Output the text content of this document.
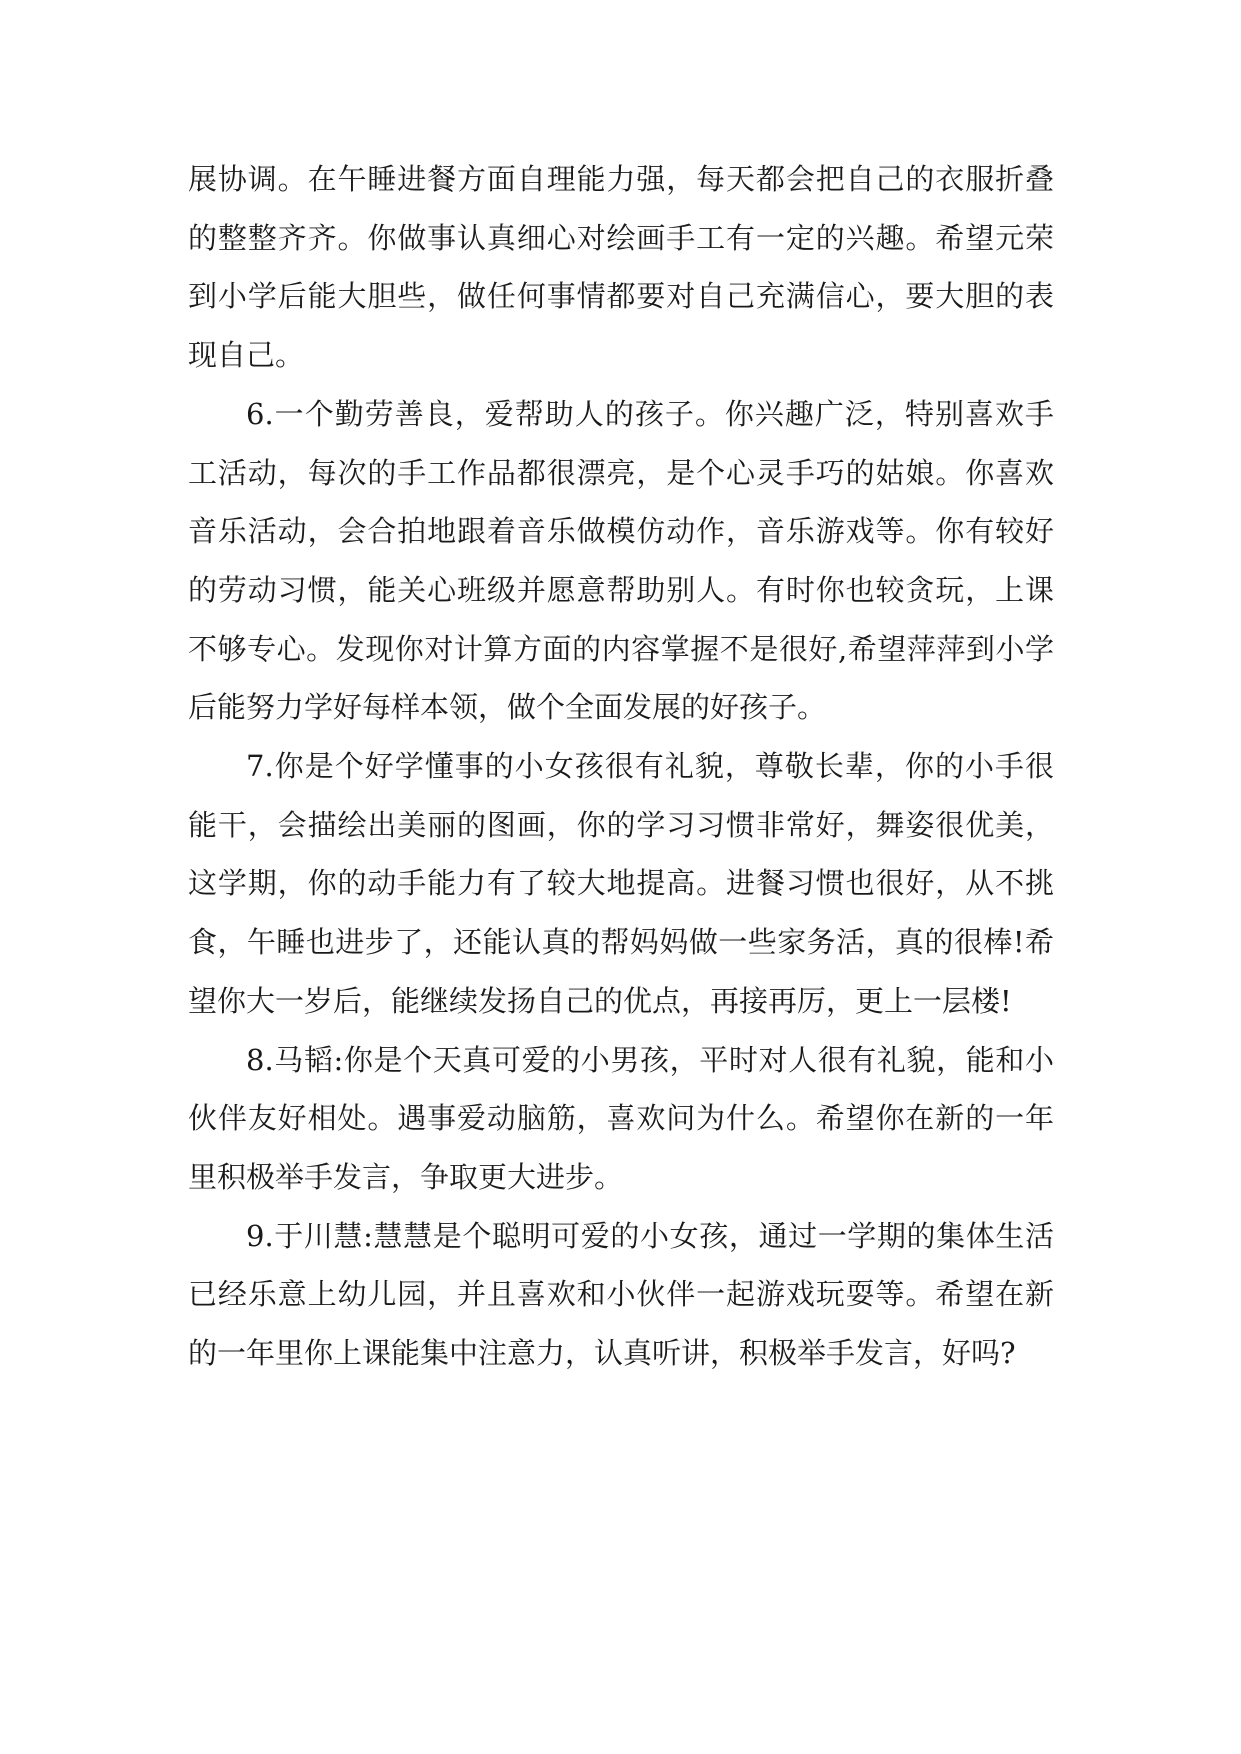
展协调。在午睡进餐方面自理能力强，每天都会把自己的衣服折叠的整整齐齐。你做事认真细心对绘画手工有一定的兴趣。希望元荣到小学后能大胆些，做任何事情都要对自己充满信心，要大胆的表现自己。

6.一个勤劳善良，爱帮助人的孩子。你兴趣广泛，特别喜欢手工活动，每次的手工作品都很漂亮，是个心灵手巧的姑娘。你喜欢音乐活动，会合拍地跟着音乐做模仿动作，音乐游戏等。你有较好的劳动习惯，能关心班级并愿意帮助别人。有时你也较贪玩，上课不够专心。发现你对计算方面的内容掌握不是很好,希望萍萍到小学后能努力学好每样本领，做个全面发展的好孩子。

7.你是个好学懂事的小女孩很有礼貌，尊敬长辈，你的小手很能干，会描绘出美丽的图画，你的学习习惯非常好，舞姿很优美，这学期，你的动手能力有了较大地提高。进餐习惯也很好，从不挑食，午睡也进步了，还能认真的帮妈妈做一些家务活，真的很棒!希望你大一岁后，能继续发扬自己的优点，再接再厉，更上一层楼!

8.马韬:你是个天真可爱的小男孩，平时对人很有礼貌，能和小伙伴友好相处。遇事爱动脑筋，喜欢问为什么。希望你在新的一年里积极举手发言，争取更大进步。

9.于川慧:慧慧是个聪明可爱的小女孩，通过一学期的集体生活已经乐意上幼儿园，并且喜欢和小伙伴一起游戏玩耍等。希望在新的一年里你上课能集中注意力，认真听讲，积极举手发言，好吗?
